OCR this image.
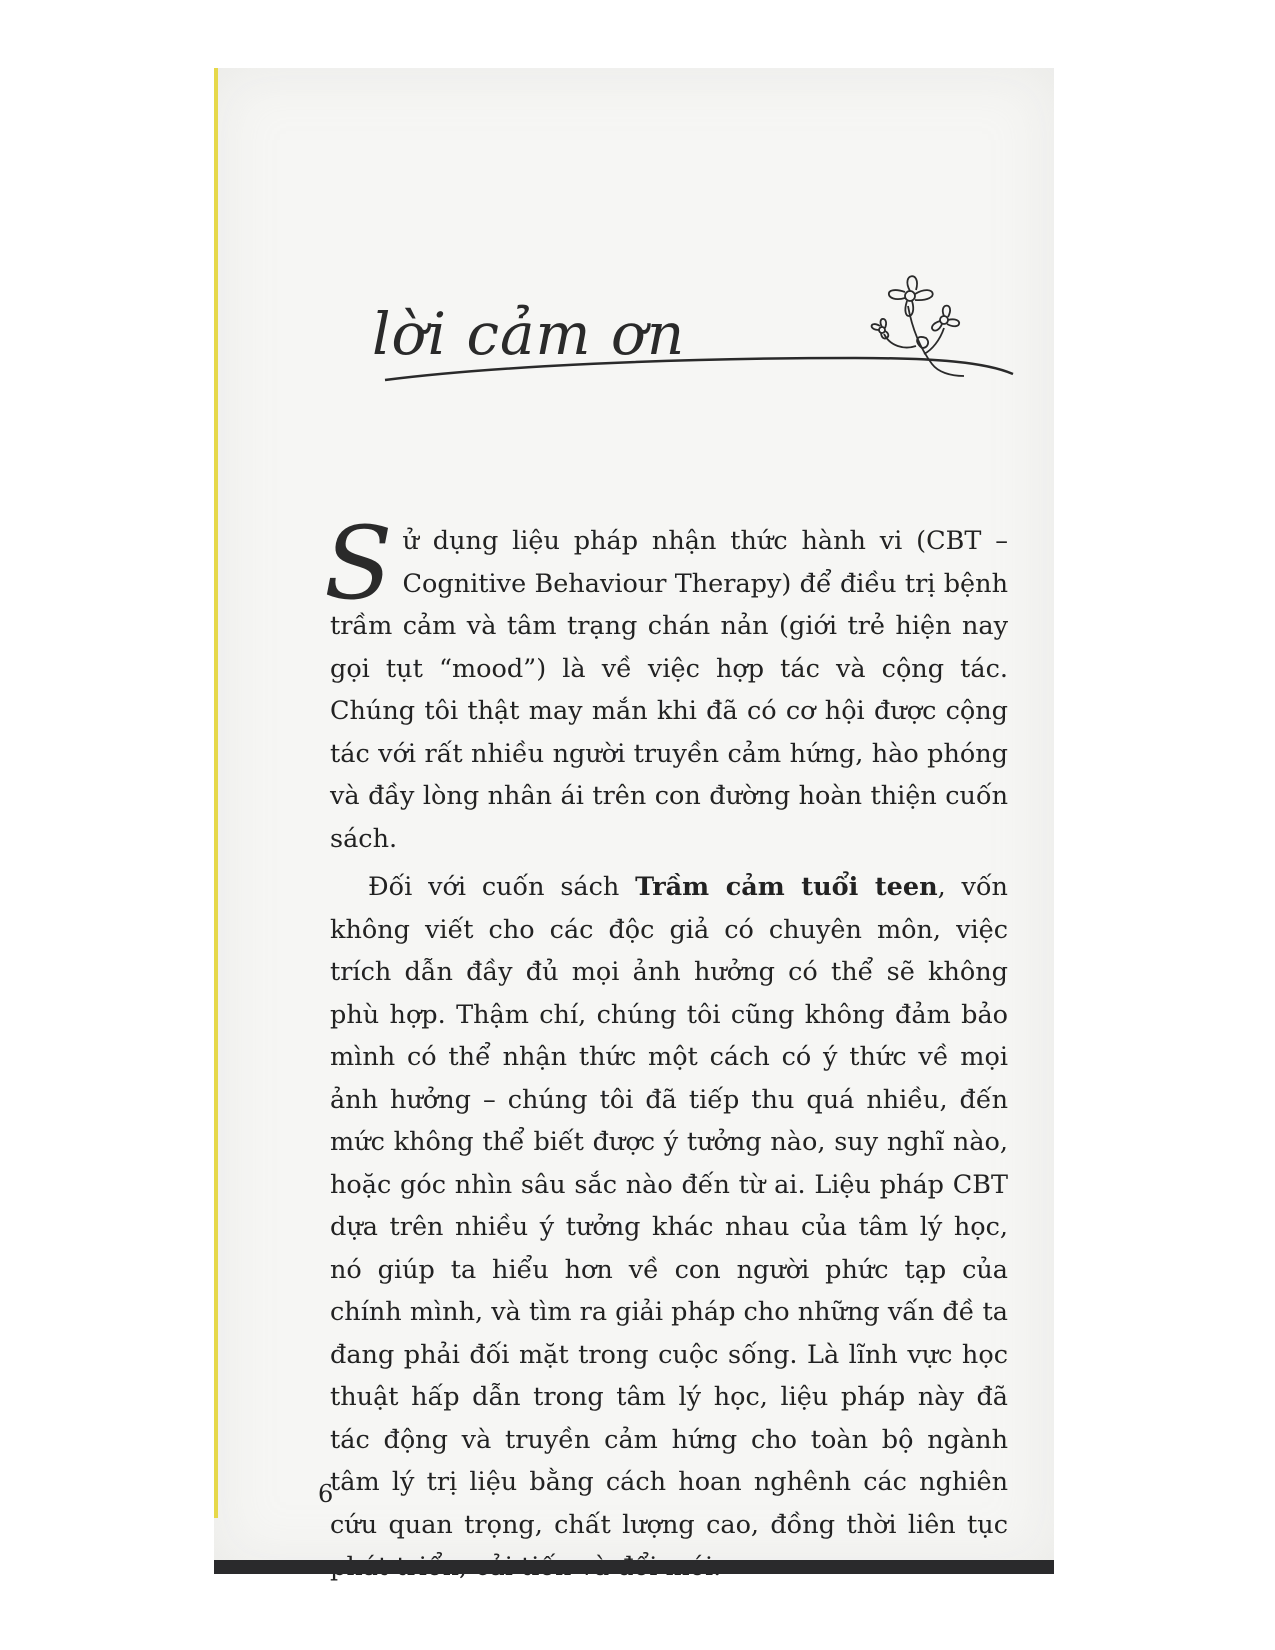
lời cảm ơn

Sử dụng liệu pháp nhận thức hành vi (CBT – Cognitive Behaviour Therapy) để điều trị bệnh trầm cảm và tâm trạng chán nản (giới trẻ hiện nay gọi tụt “mood”) là về việc hợp tác và cộng tác. Chúng tôi thật may mắn khi đã có cơ hội được cộng tác với rất nhiều người truyền cảm hứng, hào phóng và đầy lòng nhân ái trên con đường hoàn thiện cuốn sách.

Đối với cuốn sách Trầm cảm tuổi teen, vốn không viết cho các độc giả có chuyên môn, việc trích dẫn đầy đủ mọi ảnh hưởng có thể sẽ không phù hợp. Thậm chí, chúng tôi cũng không đảm bảo mình có thể nhận thức một cách có ý thức về mọi ảnh hưởng – chúng tôi đã tiếp thu quá nhiều, đến mức không thể biết được ý tưởng nào, suy nghĩ nào, hoặc góc nhìn sâu sắc nào đến từ ai. Liệu pháp CBT dựa trên nhiều ý tưởng khác nhau của tâm lý học, nó giúp ta hiểu hơn về con người phức tạp của chính mình, và tìm ra giải pháp cho những vấn đề ta đang phải đối mặt trong cuộc sống. Là lĩnh vực học thuật hấp dẫn trong tâm lý học, liệu pháp này đã tác động và truyền cảm hứng cho toàn bộ ngành tâm lý trị liệu bằng cách hoan nghênh các nghiên cứu quan trọng, chất lượng cao, đồng thời liên tục

6
